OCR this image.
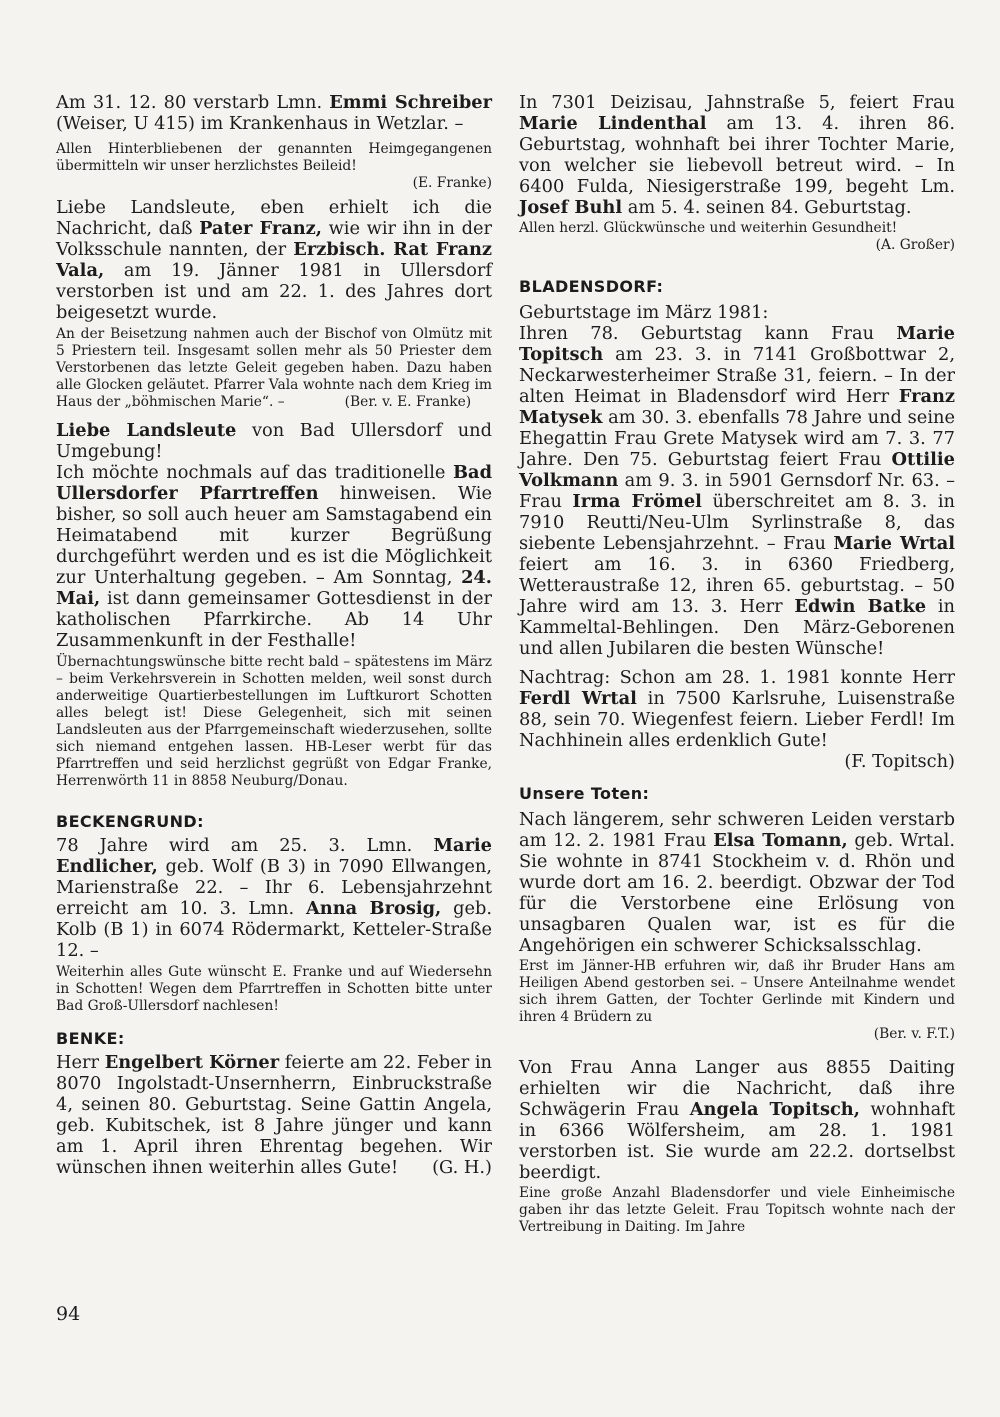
Am 31. 12. 80 verstarb Lmn. Emmi Schreiber (Weiser, U 415) im Krankenhaus in Wetzlar. –

Allen Hinterbliebenen der genannten Heimgegangenen übermitteln wir unser herzlichstes Beileid!

(E. Franke)

Liebe Landsleute, eben erhielt ich die Nachricht, daß Pater Franz, wie wir ihn in der Volksschule nannten, der Erzbisch. Rat Franz Vala, am 19. Jänner 1981 in Ullersdorf verstorben ist und am 22. 1. des Jahres dort beigesetzt wurde.

An der Beisetzung nahmen auch der Bischof von Olmütz mit 5 Priestern teil. Insgesamt sollen mehr als 50 Priester dem Verstorbenen das letzte Geleit gegeben haben. Dazu haben alle Glocken geläutet. Pfarrer Vala wohnte nach dem Krieg im Haus der „böhmischen Marie“. –	(Ber. v. E. Franke)

Liebe Landsleute von Bad Ullersdorf und Umgebung!
Ich möchte nochmals auf das traditionelle Bad Ullersdorfer Pfarrtreffen hinweisen. Wie bisher, so soll auch heuer am Samstagabend ein Heimatabend mit kurzer Begrüßung durchgeführt werden und es ist die Möglichkeit zur Unterhaltung gegeben. – Am Sonntag, 24. Mai, ist dann gemeinsamer Gottesdienst in der katholischen Pfarrkirche. Ab 14 Uhr Zusammenkunft in der Festhalle!

Übernachtungswünsche bitte recht bald – spätestens im März – beim Verkehrsverein in Schotten melden, weil sonst durch anderweitige Quartierbestellungen im Luftkurort Schotten alles belegt ist! Diese Gelegenheit, sich mit seinen Landsleuten aus der Pfarrgemeinschaft wiederzusehen, sollte sich niemand entgehen lassen. HB-Leser werbt für das Pfarrtreffen und seid herzlichst gegrüßt von Edgar Franke, Herrenwörth 11 in 8858 Neuburg/Donau.

BECKENGRUND:

78 Jahre wird am 25. 3. Lmn. Marie Endlicher, geb. Wolf (B 3) in 7090 Ellwangen, Marienstraße 22. – Ihr 6. Lebensjahrzehnt erreicht am 10. 3. Lmn. Anna Brosig, geb. Kolb (B 1) in 6074 Rödermarkt, Ketteler-Straße 12. –

Weiterhin alles Gute wünscht E. Franke und auf Wiedersehn in Schotten! Wegen dem Pfarrtreffen in Schotten bitte unter Bad Groß-Ullersdorf nachlesen!

BENKE:

Herr Engelbert Körner feierte am 22. Feber in 8070 Ingolstadt-Unsernherrn, Einbruckstraße 4, seinen 80. Geburtstag. Seine Gattin Angela, geb. Kubitschek, ist 8 Jahre jünger und kann am 1. April ihren Ehrentag begehen. Wir wünschen ihnen weiterhin alles Gute! (G. H.)

In 7301 Deizisau, Jahnstraße 5, feiert Frau Marie Lindenthal am 13. 4. ihren 86. Geburtstag, wohnhaft bei ihrer Tochter Marie, von welcher sie liebevoll betreut wird. – In 6400 Fulda, Niesigerstraße 199, begeht Lm. Josef Buhl am 5. 4. seinen 84. Geburtstag.

Allen herzl. Glückwünsche und weiterhin Gesundheit!
(A. Großer)

BLADENSDORF:

Geburtstage im März 1981:

Ihren 78. Geburtstag kann Frau Marie Topitsch am 23. 3. in 7141 Großbottwar 2, Neckarwesterheimer Straße 31, feiern. – In der alten Heimat in Bladensdorf wird Herr Franz Matysek am 30. 3. ebenfalls 78 Jahre und seine Ehegattin Frau Grete Matysek wird am 7. 3. 77 Jahre. Den 75. Geburtstag feiert Frau Ottilie Volkmann am 9. 3. in 5901 Gernsdorf Nr. 63. – Frau Irma Frömel überschreitet am 8. 3. in 7910 Reutti/Neu-Ulm Syrlinstraße 8, das siebente Lebensjahrzehnt. – Frau Marie Wrtal feiert am 16. 3. in 6360 Friedberg, Wetteraustraße 12, ihren 65. geburtstag. – 50 Jahre wird am 13. 3. Herr Edwin Batke in Kammeltal-Behlingen. Den März-Geborenen und allen Jubilaren die besten Wünsche!

Nachtrag: Schon am 28. 1. 1981 konnte Herr Ferdl Wrtal in 7500 Karlsruhe, Luisenstraße 88, sein 70. Wiegenfest feiern. Lieber Ferdl! Im Nachhinein alles erdenklich Gute!

(F. Topitsch)

Unsere Toten:

Nach längerem, sehr schweren Leiden verstarb am 12. 2. 1981 Frau Elsa Tomann, geb. Wrtal. Sie wohnte in 8741 Stockheim v. d. Rhön und wurde dort am 16. 2. beerdigt. Obzwar der Tod für die Verstorbene eine Erlösung von unsagbaren Qualen war, ist es für die Angehörigen ein schwerer Schicksalsschlag.

Erst im Jänner-HB erfuhren wir, daß ihr Bruder Hans am Heiligen Abend gestorben sei. – Unsere Anteilnahme wendet sich ihrem Gatten, der Tochter Gerlinde mit Kindern und ihren 4 Brüdern zu

(Ber. v. F.T.)

Von Frau Anna Langer aus 8855 Daiting erhielten wir die Nachricht, daß ihre Schwägerin Frau Angela Topitsch, wohnhaft in 6366 Wölfersheim, am 28. 1. 1981 verstorben ist. Sie wurde am 22.2. dortselbst beerdigt.

Eine große Anzahl Bladensdorfer und viele Einheimische gaben ihr das letzte Geleit. Frau Topitsch wohnte nach der Vertreibung in Daiting. Im Jahre

94
